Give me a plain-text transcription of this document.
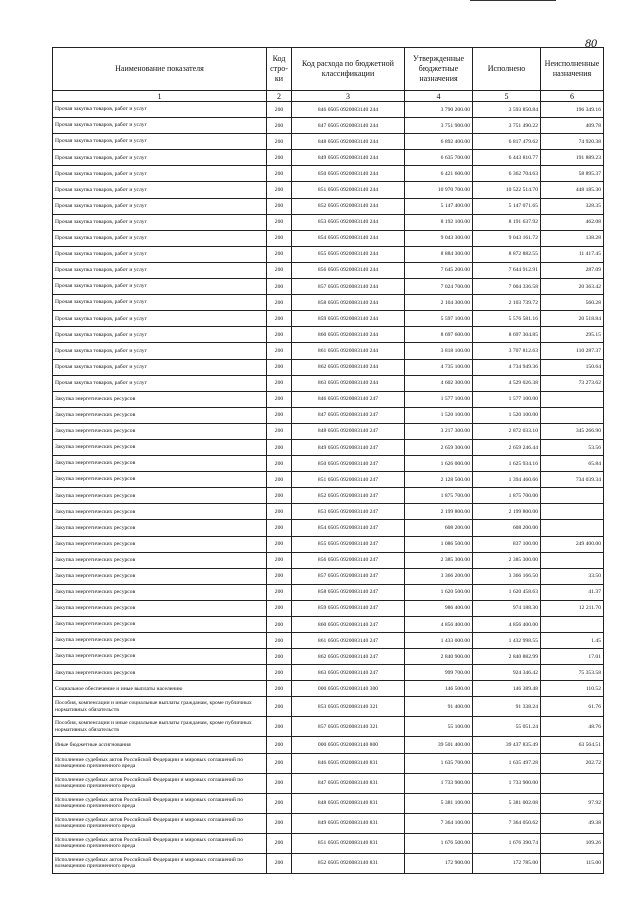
80
Наименование показателя	Код стро-ки	Код расхода по бюджетной классификации	Утвержденные бюджетные назначения	Исполнено	Неисполненные назначения
1	2	3	4	5	6
Прочая закупка товаров, работ и услуг	200	846 0505 0920083140 244	3 790 200.00	3 593 850.84	196 349.16
Прочая закупка товаров, работ и услуг	200	847 0505 0920083140 244	3 751 900.00	3 751 490.22	409.78
Прочая закупка товаров, работ и услуг	200	848 0505 0920083140 244	6 892 400.00	6 817 479.62	74 920.38
Прочая закупка товаров, работ и услуг	200	849 0505 0920083140 244	6 635 700.00	6 443 810.77	191 889.23
Прочая закупка товаров, работ и услуг	200	850 0505 0920083140 244	6 421 600.00	6 362 704.63	58 895.37
Прочая закупка товаров, работ и услуг	200	851 0505 0920083140 244	10 970 700.00	10 522 514.70	448 185.30
Прочая закупка товаров, работ и услуг	200	852 0505 0920083140 244	5 147 400.00	5 147 071.65	328.35
Прочая закупка товаров, работ и услуг	200	853 0505 0920083140 244	8 192 100.00	8 191 637.92	462.08
Прочая закупка товаров, работ и услуг	200	854 0505 0920083140 244	9 043 300.00	9 043 161.72	138.28
Прочая закупка товаров, работ и услуг	200	855 0505 0920083140 244	8 884 300.00	8 872 882.55	11 417.45
Прочая закупка товаров, работ и услуг	200	856 0505 0920083140 244	7 645 200.00	7 644 912.91	287.09
Прочая закупка товаров, работ и услуг	200	857 0505 0920083140 244	7 024 700.00	7 004 336.58	20 363.42
Прочая закупка товаров, работ и услуг	200	858 0505 0920083140 244	2 104 300.00	2 103 739.72	560.28
Прочая закупка товаров, работ и услуг	200	859 0505 0920083140 244	5 597 100.00	5 576 581.16	20 518.84
Прочая закупка товаров, работ и услуг	200	860 0505 0920083140 244	8 697 600.00	8 697 304.85	295.15
Прочая закупка товаров, работ и услуг	200	861 0505 0920083140 244	3 818 100.00	3 707 812.63	110 287.37
Прочая закупка товаров, работ и услуг	200	862 0505 0920083140 244	4 735 100.00	4 734 949.36	150.64
Прочая закупка товаров, работ и услуг	200	863 0505 0920083140 244	4 602 300.00	4 529 026.38	73 273.62
Закупка энергетических ресурсов	200	846 0505 0920083140 247	1 577 100.00	1 577 100.00	
Закупка энергетических ресурсов	200	847 0505 0920083140 247	1 520 100.00	1 520 100.00	
Закупка энергетических ресурсов	200	848 0505 0920083140 247	3 217 300.00	2 872 033.10	345 266.90
Закупка энергетических ресурсов	200	849 0505 0920083140 247	2 659 300.00	2 659 246.44	53.56
Закупка энергетических ресурсов	200	850 0505 0920083140 247	1 626 000.00	1 625 934.16	65.84
Закупка энергетических ресурсов	200	851 0505 0920083140 247	2 128 500.00	1 394 460.66	734 039.34
Закупка энергетических ресурсов	200	852 0505 0920083140 247	1 875 700.00	1 875 700.00	
Закупка энергетических ресурсов	200	853 0505 0920083140 247	2 199 800.00	2 199 800.00	
Закупка энергетических ресурсов	200	854 0505 0920083140 247	608 200.00	608 200.00	
Закупка энергетических ресурсов	200	855 0505 0920083140 247	1 086 500.00	837 100.00	249 400.00
Закупка энергетических ресурсов	200	856 0505 0920083140 247	2 385 300.00	2 385 300.00	
Закупка энергетических ресурсов	200	857 0505 0920083140 247	3 366 200.00	3 366 166.50	33.50
Закупка энергетических ресурсов	200	858 0505 0920083140 247	1 620 500.00	1 620 458.63	41.37
Закупка энергетических ресурсов	200	859 0505 0920083140 247	986 400.00	974 188.30	12 211.70
Закупка энергетических ресурсов	200	860 0505 0920083140 247	4 856 400.00	4 856 400.00	
Закупка энергетических ресурсов	200	861 0505 0920083140 247	1 433 000.00	1 432 998.55	1.45
Закупка энергетических ресурсов	200	862 0505 0920083140 247	2 840 900.00	2 840 882.99	17.01
Закупка энергетических ресурсов	200	863 0505 0920083140 247	999 700.00	924 346.42	75 353.58
Социальное обеспечение и иные выплаты населению	200	000 0505 0920083140 300	146 500.00	146 389.48	110.52
Пособия, компенсации и иные социальные выплаты гражданам, кроме публичных нормативных обязательств	200	853 0505 0920083140 321	91 400.00	91 338.24	61.76
Пособия, компенсации и иные социальные выплаты гражданам, кроме публичных нормативных обязательств	200	857 0505 0920083140 321	55 100.00	55 051.24	48.76
Иные бюджетные ассигнования	200	000 0505 0920083140 800	39 501 400.00	39 437 835.49	63 564.51
Исполнение судебных актов Российской Федерации и мировых соглашений по возмещению причиненного вреда	200	846 0505 0920083140 831	1 635 700.00	1 635 497.28	202.72
Исполнение судебных актов Российской Федерации и мировых соглашений по возмещению причиненного вреда	200	847 0505 0920083140 831	1 733 900.00	1 733 900.00	
Исполнение судебных актов Российской Федерации и мировых соглашений по возмещению причиненного вреда	200	848 0505 0920083140 831	5 381 100.00	5 381 002.08	97.92
Исполнение судебных актов Российской Федерации и мировых соглашений по возмещению причиненного вреда	200	849 0505 0920083140 831	7 364 100.00	7 364 050.62	49.38
Исполнение судебных актов Российской Федерации и мировых соглашений по возмещению причиненного вреда	200	851 0505 0920083140 831	1 676 500.00	1 676 390.74	109.26
Исполнение судебных актов Российской Федерации и мировых соглашений по возмещению причиненного вреда	200	852 0505 0920083140 831	172 900.00	172 785.00	115.00
